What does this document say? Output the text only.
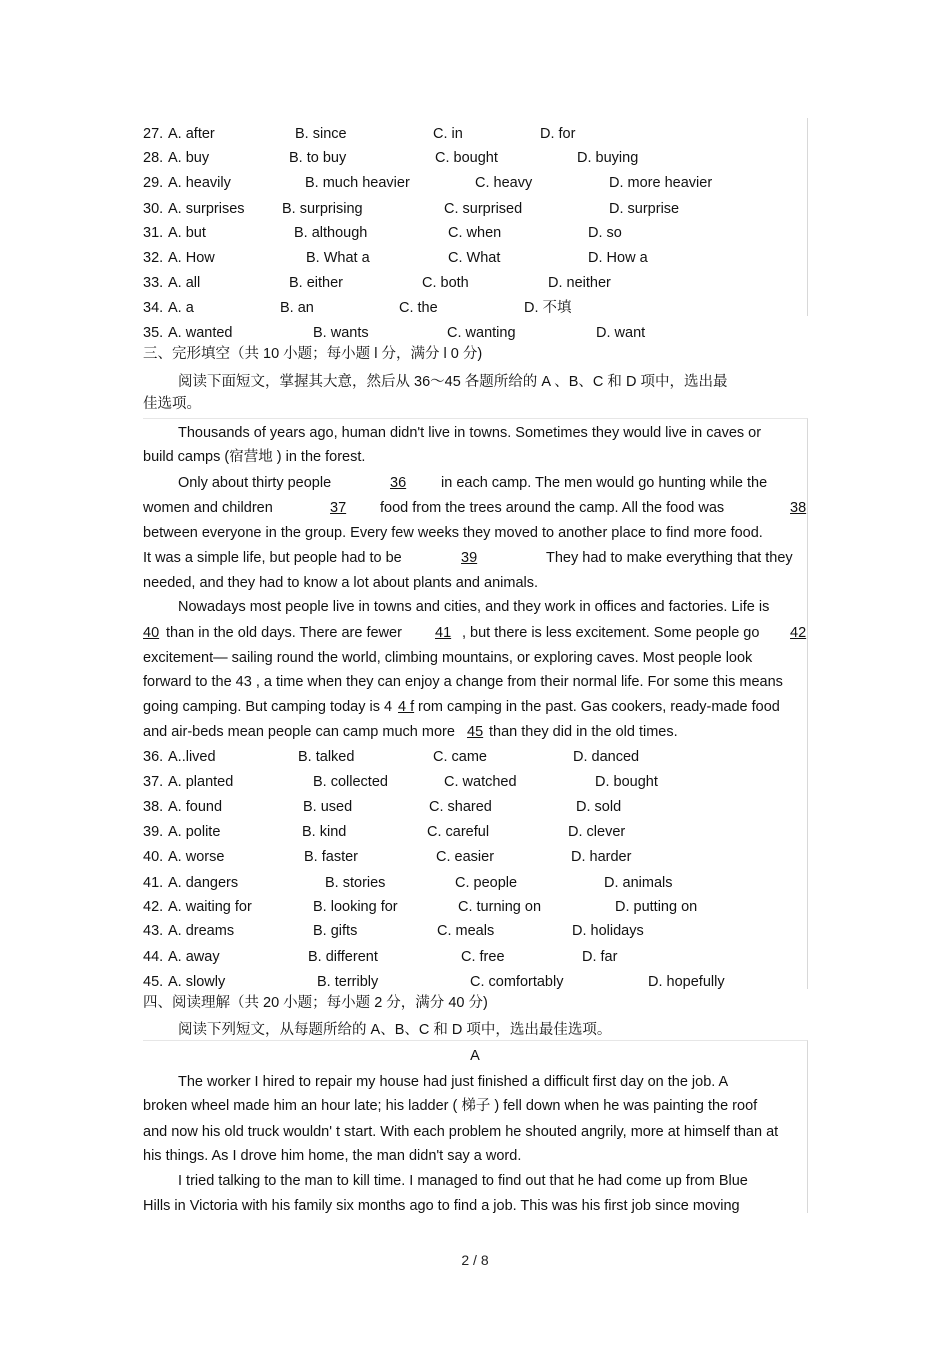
27. A. after	B. since	C. in	D. for
28. A. buy	B. to buy	C. bought	D. buying
29. A. heavily	B. much heavier	C. heavy	D. more heavier
30. A. surprises	B. surprising	C. surprised	D. surprise
31. A. but	B. although	C. when	D. so
32. A. How	B. What a	C. What	D. How a
33. A. all	B. either	C. both	D. neither
34. A. a	B. an	C. the	D. 不填
35. A. wanted	B. wants	C. wanting	D. want
三、完形填空（共 10 小题；每小题 l 分，满分 l 0 分)
阅读下面短文，掌握其大意，然后从 36～45 各题所给的 A 、B、C 和 D 项中，选出最
佳选项。
Thousands of years ago, human didn't live in towns. Sometimes they would live in caves or
build camps (宿营地 ) in the forest.
Only about thirty people	36 in each camp. The men would go hunting while the
women and children	37 food from the trees around the camp. All the food was	38
between everyone in the group. Every few weeks they moved to another place to find more food.
It was a simple life, but people had to be	39	They had to make everything that they
needed, and they had to know a lot about plants and animals.
Nowadays most people live in towns and cities, and they work in offices and factories. Life is
40 than in the old days. There are fewer 41 , but there is less excitement. Some people go 42
excitement— sailing round the world, climbing mountains, or exploring caves. Most people look
forward to the 43 , a time when they can enjoy a change from their normal life. For some this means
going camping. But camping today is 4 4 f rom camping in the past. Gas cookers, ready-made food
and air-beds mean people can camp much more 45 than they did in the old times.
36. A..lived	B. talked	C. came	D. danced
37. A. planted	B. collected	C. watched	D. bought
38. A. found	B. used	C. shared	D. sold
39. A. polite	B. kind	C. careful	D. clever
40. A. worse	B. faster	C. easier	D. harder
41. A. dangers	B. stories	C. people	D. animals
42. A. waiting for	B. looking for	C. turning on	D. putting on
43. A. dreams	B. gifts	C. meals	D. holidays
44. A. away	B. different	C. free	D. far
45. A. slowly	B. terribly	C. comfortably	D. hopefully
四、阅读理解（共 20 小题；每小题 2 分，满分 40 分)
阅读下列短文，从每题所给的 A、B、C 和 D 项中，选出最佳选项。
A
The worker I hired to repair my house had just finished a difficult first day on the job. A
broken wheel made him an hour late; his ladder ( 梯子 ) fell down when he was painting the roof
and now his old truck wouldn' t start. With each problem he shouted angrily, more at himself than at
his things. As I drove him home, the man didn't say a word.
I tried talking to the man to kill time. I managed to find out that he had come up from Blue
Hills in Victoria with his family six months ago to find a job. This was his first job since moving
2 / 8
